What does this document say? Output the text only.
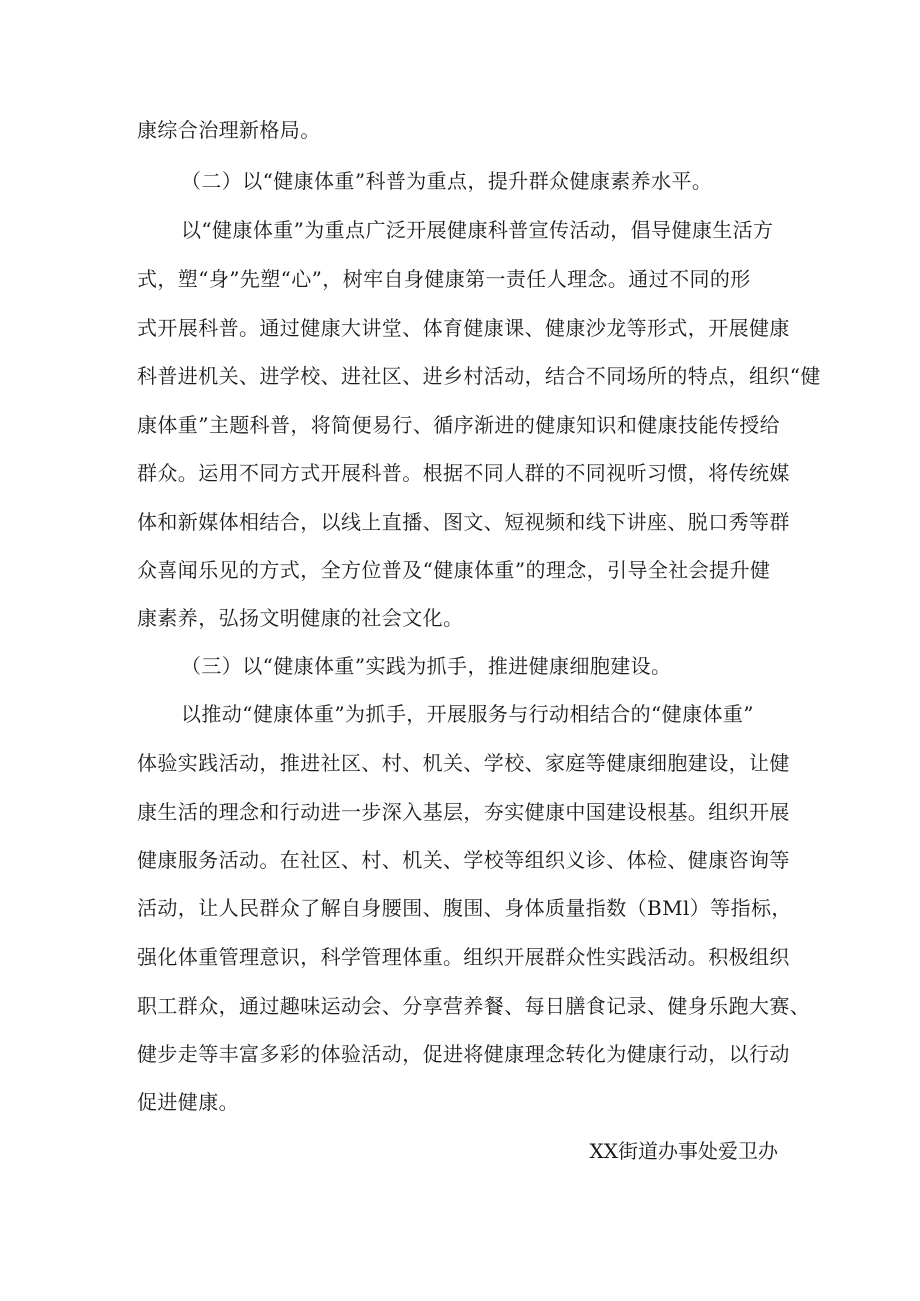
康综合治理新格局。
（二）以“健康体重”科普为重点，提升群众健康素养水平。
以“健康体重”为重点广泛开展健康科普宣传活动，倡导健康生活方
式，塑“身”先塑“心”，树牢自身健康第一责任人理念。通过不同的形
式开展科普。通过健康大讲堂、体育健康课、健康沙龙等形式，开展健康
科普进机关、进学校、进社区、进乡村活动，结合不同场所的特点，组织“健
康体重”主题科普，将简便易行、循序渐进的健康知识和健康技能传授给
群众。运用不同方式开展科普。根据不同人群的不同视听习惯，将传统媒
体和新媒体相结合，以线上直播、图文、短视频和线下讲座、脱口秀等群
众喜闻乐见的方式，全方位普及“健康体重”的理念，引导全社会提升健
康素养，弘扬文明健康的社会文化。
（三）以“健康体重”实践为抓手，推进健康细胞建设。
以推动“健康体重”为抓手，开展服务与行动相结合的“健康体重”
体验实践活动，推进社区、村、机关、学校、家庭等健康细胞建设，让健
康生活的理念和行动进一步深入基层，夯实健康中国建设根基。组织开展
健康服务活动。在社区、村、机关、学校等组织义诊、体检、健康咨询等
活动，让人民群众了解自身腰围、腹围、身体质量指数（BMl）等指标，
强化体重管理意识，科学管理体重。组织开展群众性实践活动。积极组织
职工群众，通过趣味运动会、分享营养餐、每日膳食记录、健身乐跑大赛、
健步走等丰富多彩的体验活动，促进将健康理念转化为健康行动，以行动
促进健康。
XX街道办事处爱卫办
